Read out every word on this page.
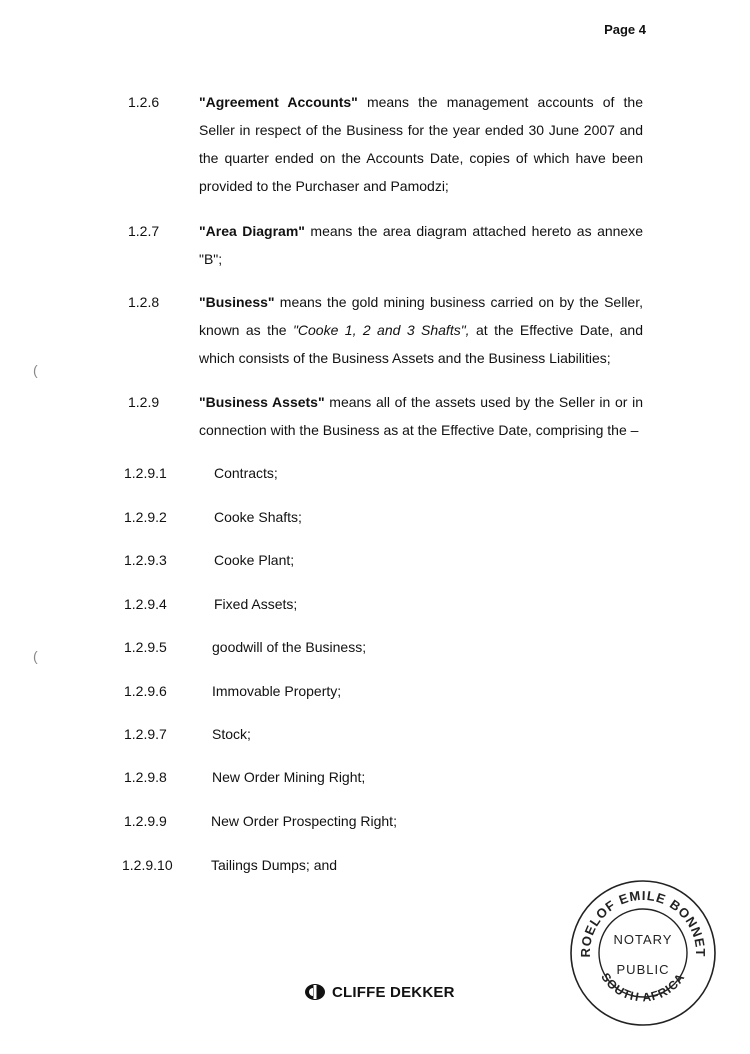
Page 4
1.2.6	"Agreement Accounts" means the management accounts of the Seller in respect of the Business for the year ended 30 June 2007 and the quarter ended on the Accounts Date, copies of which have been provided to the Purchaser and Pamodzi;
1.2.7	"Area Diagram" means the area diagram attached hereto as annexe "B";
1.2.8	"Business" means the gold mining business carried on by the Seller, known as the "Cooke 1, 2 and 3 Shafts", at the Effective Date, and which consists of the Business Assets and the Business Liabilities;
1.2.9	"Business Assets" means all of the assets used by the Seller in or in connection with the Business as at the Effective Date, comprising the –
1.2.9.1	Contracts;
1.2.9.2	Cooke Shafts;
1.2.9.3	Cooke Plant;
1.2.9.4	Fixed Assets;
1.2.9.5	goodwill of the Business;
1.2.9.6	Immovable Property;
1.2.9.7	Stock;
1.2.9.8	New Order Mining Right;
1.2.9.9	New Order Prospecting Right;
1.2.9.10	Tailings Dumps; and
(
(
CLIFFE DEKKER
ROELOF EMILE BONNET
SOUTH AFRICA
NOTARY
PUBLIC
